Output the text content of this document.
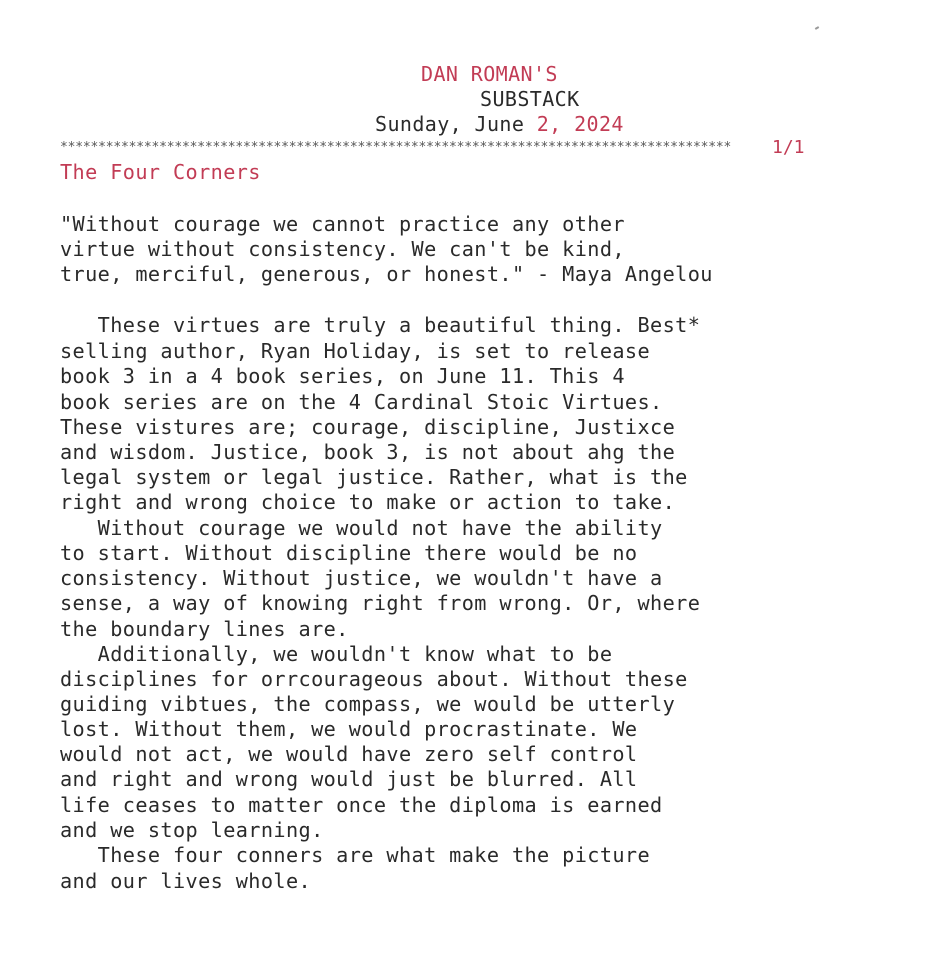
DAN ROMAN'S
SUBSTACK
Sunday, June 2, 2024
**************************************************************************************** 1/1
The Four Corners
"Without courage we cannot practice any other
virtue without consistency. We can't be kind,
true, merciful, generous, or honest." - Maya Angelou
These virtues are truly a beautiful thing. Best*
selling author, Ryan Holiday, is set to release
book 3 in a 4 book series, on June 11. This 4
book series are on the 4 Cardinal Stoic Virtues.
These vistures are; courage, discipline, Justixce
and wisdom. Justice, book 3, is not about ahg the
legal system or legal justice. Rather, what is the
right and wrong choice to make or action to take.
Without courage we would not have the ability
to start. Without discipline there would be no
consistency. Without justice, we wouldn't have a
sense, a way of knowing right from wrong. Or, where
the boundary lines are.
Additionally, we wouldn't know what to be
disciplines for orrcourageous about. Without these
guiding vibtues, the compass, we would be utterly
lost. Without them, we would procrastinate. We
would not act, we would have zero self control
and right and wrong would just be blurred. All
life ceases to matter once the diploma is earned
and we stop learning.
These four conners are what make the picture
and our lives whole.
